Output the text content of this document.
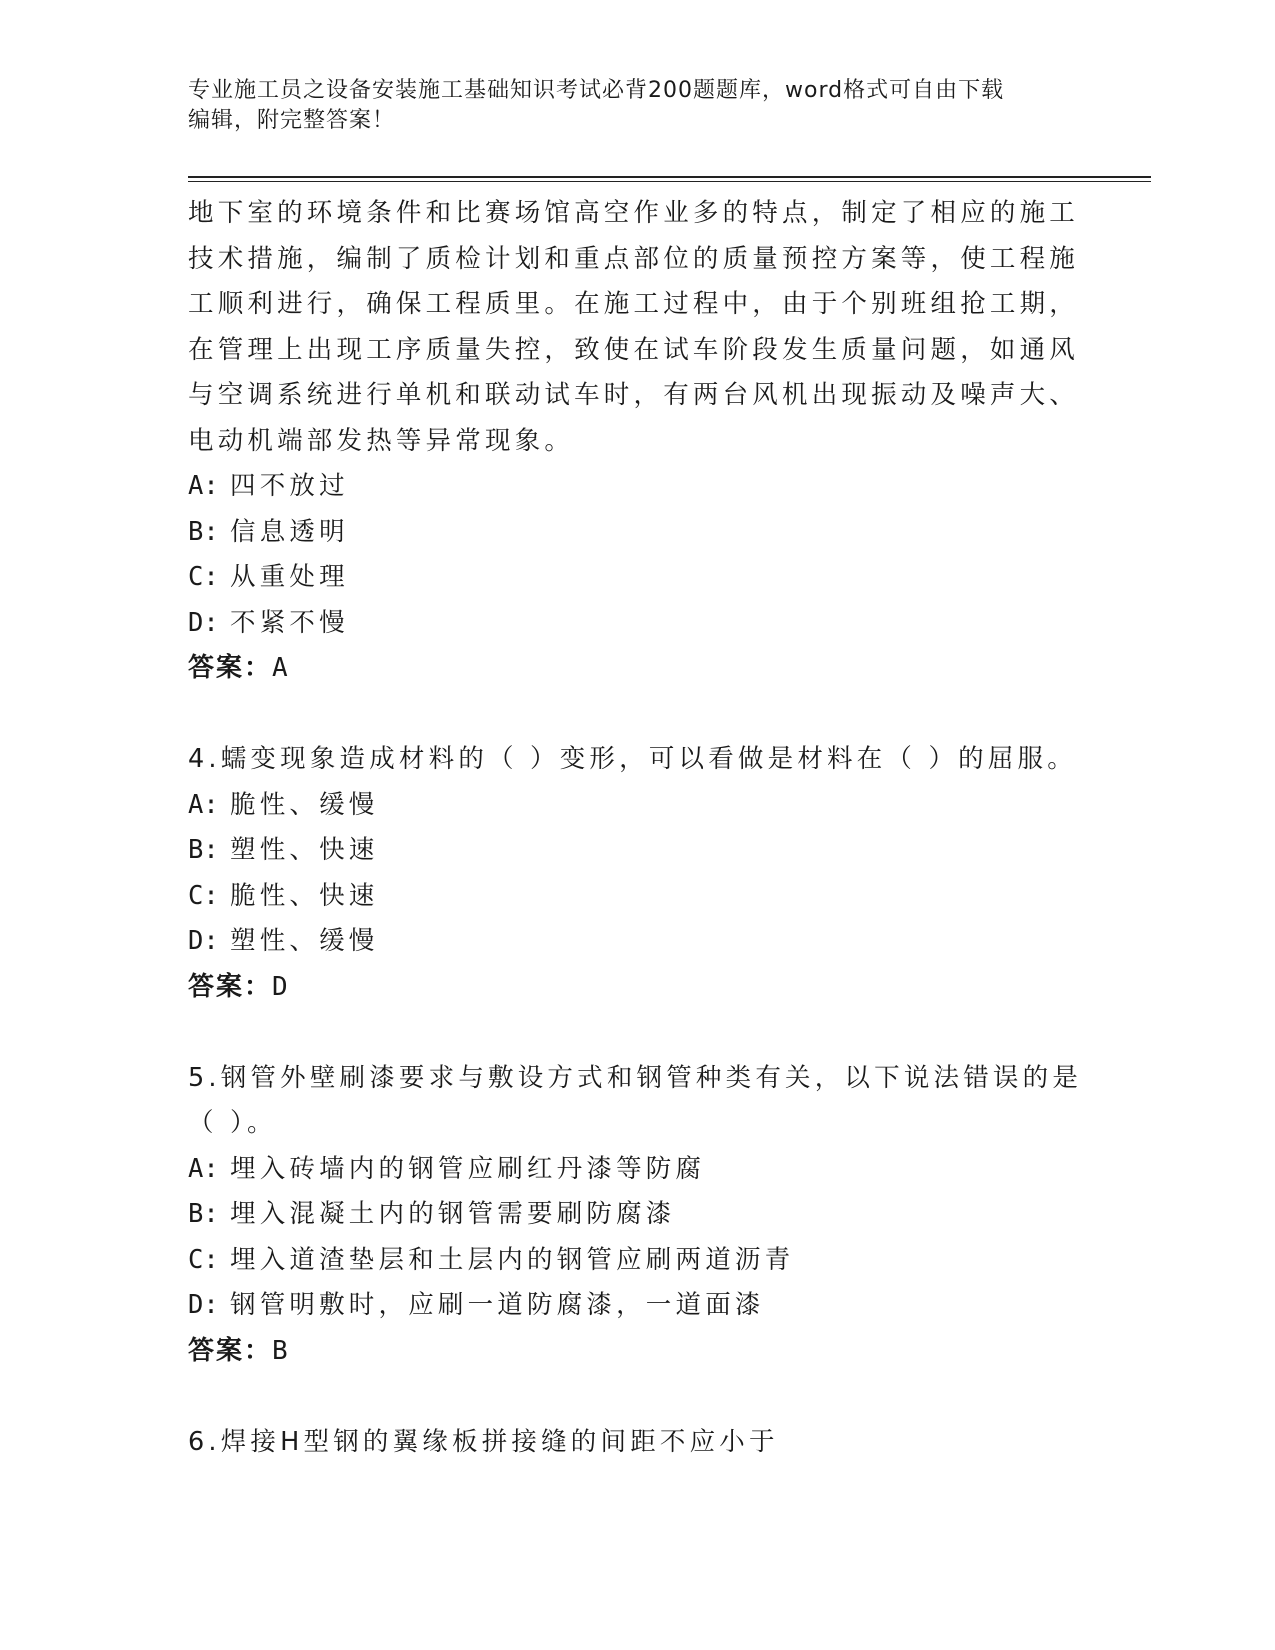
专业施工员之设备安装施工基础知识考试必背200题题库，word格式可自由下载
编辑，附完整答案！
地下室的环境条件和比赛场馆高空作业多的特点，制定了相应的施工
技术措施，编制了质检计划和重点部位的质量预控方案等，使工程施
工顺利进行，确保工程质里。在施工过程中，由于个别班组抢工期，
在管理上出现工序质量失控，致使在试车阶段发生质量问题，如通风
与空调系统进行单机和联动试车时，有两台风机出现振动及噪声大、
电动机端部发热等异常现象。
A: 四不放过
B: 信息透明
C: 从重处理
D: 不紧不慢
答案：A
4.蠕变现象造成材料的（ ）变形，可以看做是材料在（ ）的屈服。
A: 脆性、缓慢
B: 塑性、快速
C: 脆性、快速
D: 塑性、缓慢
答案：D
5.钢管外壁刷漆要求与敷设方式和钢管种类有关，以下说法错误的是
（ ）。
A: 埋入砖墙内的钢管应刷红丹漆等防腐
B: 埋入混凝土内的钢管需要刷防腐漆
C: 埋入道渣垫层和土层内的钢管应刷两道沥青
D: 钢管明敷时，应刷一道防腐漆，一道面漆
答案：B
6.焊接H型钢的翼缘板拼接缝的间距不应小于
